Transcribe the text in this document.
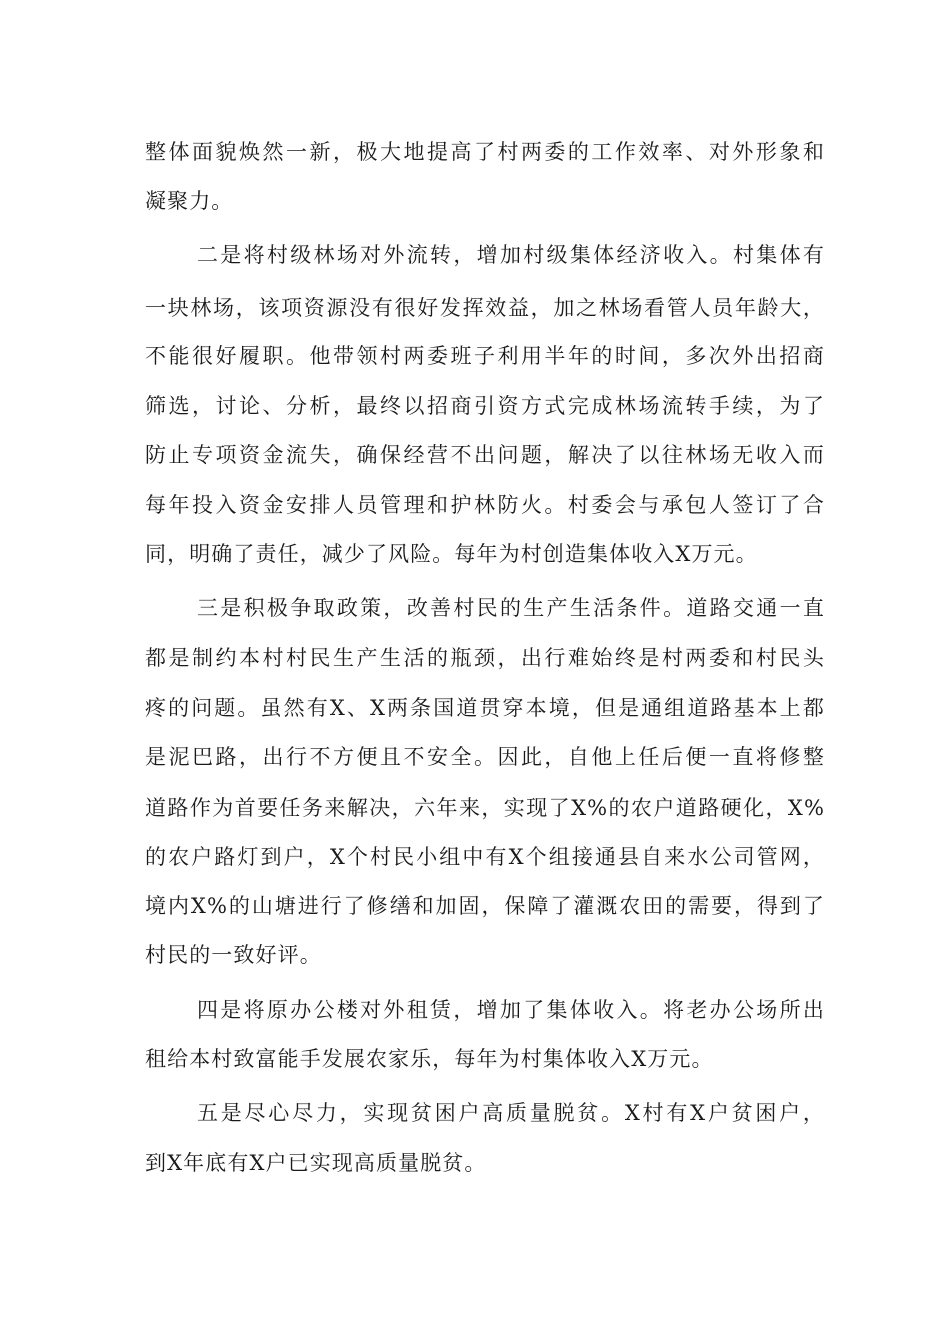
整体面貌焕然一新，极大地提高了村两委的工作效率、对外形象和
凝聚力。
二是将村级林场对外流转，增加村级集体经济收入。村集体有
一块林场，该项资源没有很好发挥效益，加之林场看管人员年龄大，
不能很好履职。他带领村两委班子利用半年的时间，多次外出招商
筛选，讨论、分析，最终以招商引资方式完成林场流转手续，为了
防止专项资金流失，确保经营不出问题，解决了以往林场无收入而
每年投入资金安排人员管理和护林防火。村委会与承包人签订了合
同，明确了责任，减少了风险。每年为村创造集体收入X万元。
三是积极争取政策，改善村民的生产生活条件。道路交通一直
都是制约本村村民生产生活的瓶颈，出行难始终是村两委和村民头
疼的问题。虽然有X、X两条国道贯穿本境，但是通组道路基本上都
是泥巴路，出行不方便且不安全。因此，自他上任后便一直将修整
道路作为首要任务来解决，六年来，实现了X%的农户道路硬化，X%
的农户路灯到户，X个村民小组中有X个组接通县自来水公司管网，
境内X%的山塘进行了修缮和加固，保障了灌溉农田的需要，得到了
村民的一致好评。
四是将原办公楼对外租赁，增加了集体收入。将老办公场所出
租给本村致富能手发展农家乐，每年为村集体收入X万元。
五是尽心尽力，实现贫困户高质量脱贫。X村有X户贫困户，
到X年底有X户已实现高质量脱贫。
